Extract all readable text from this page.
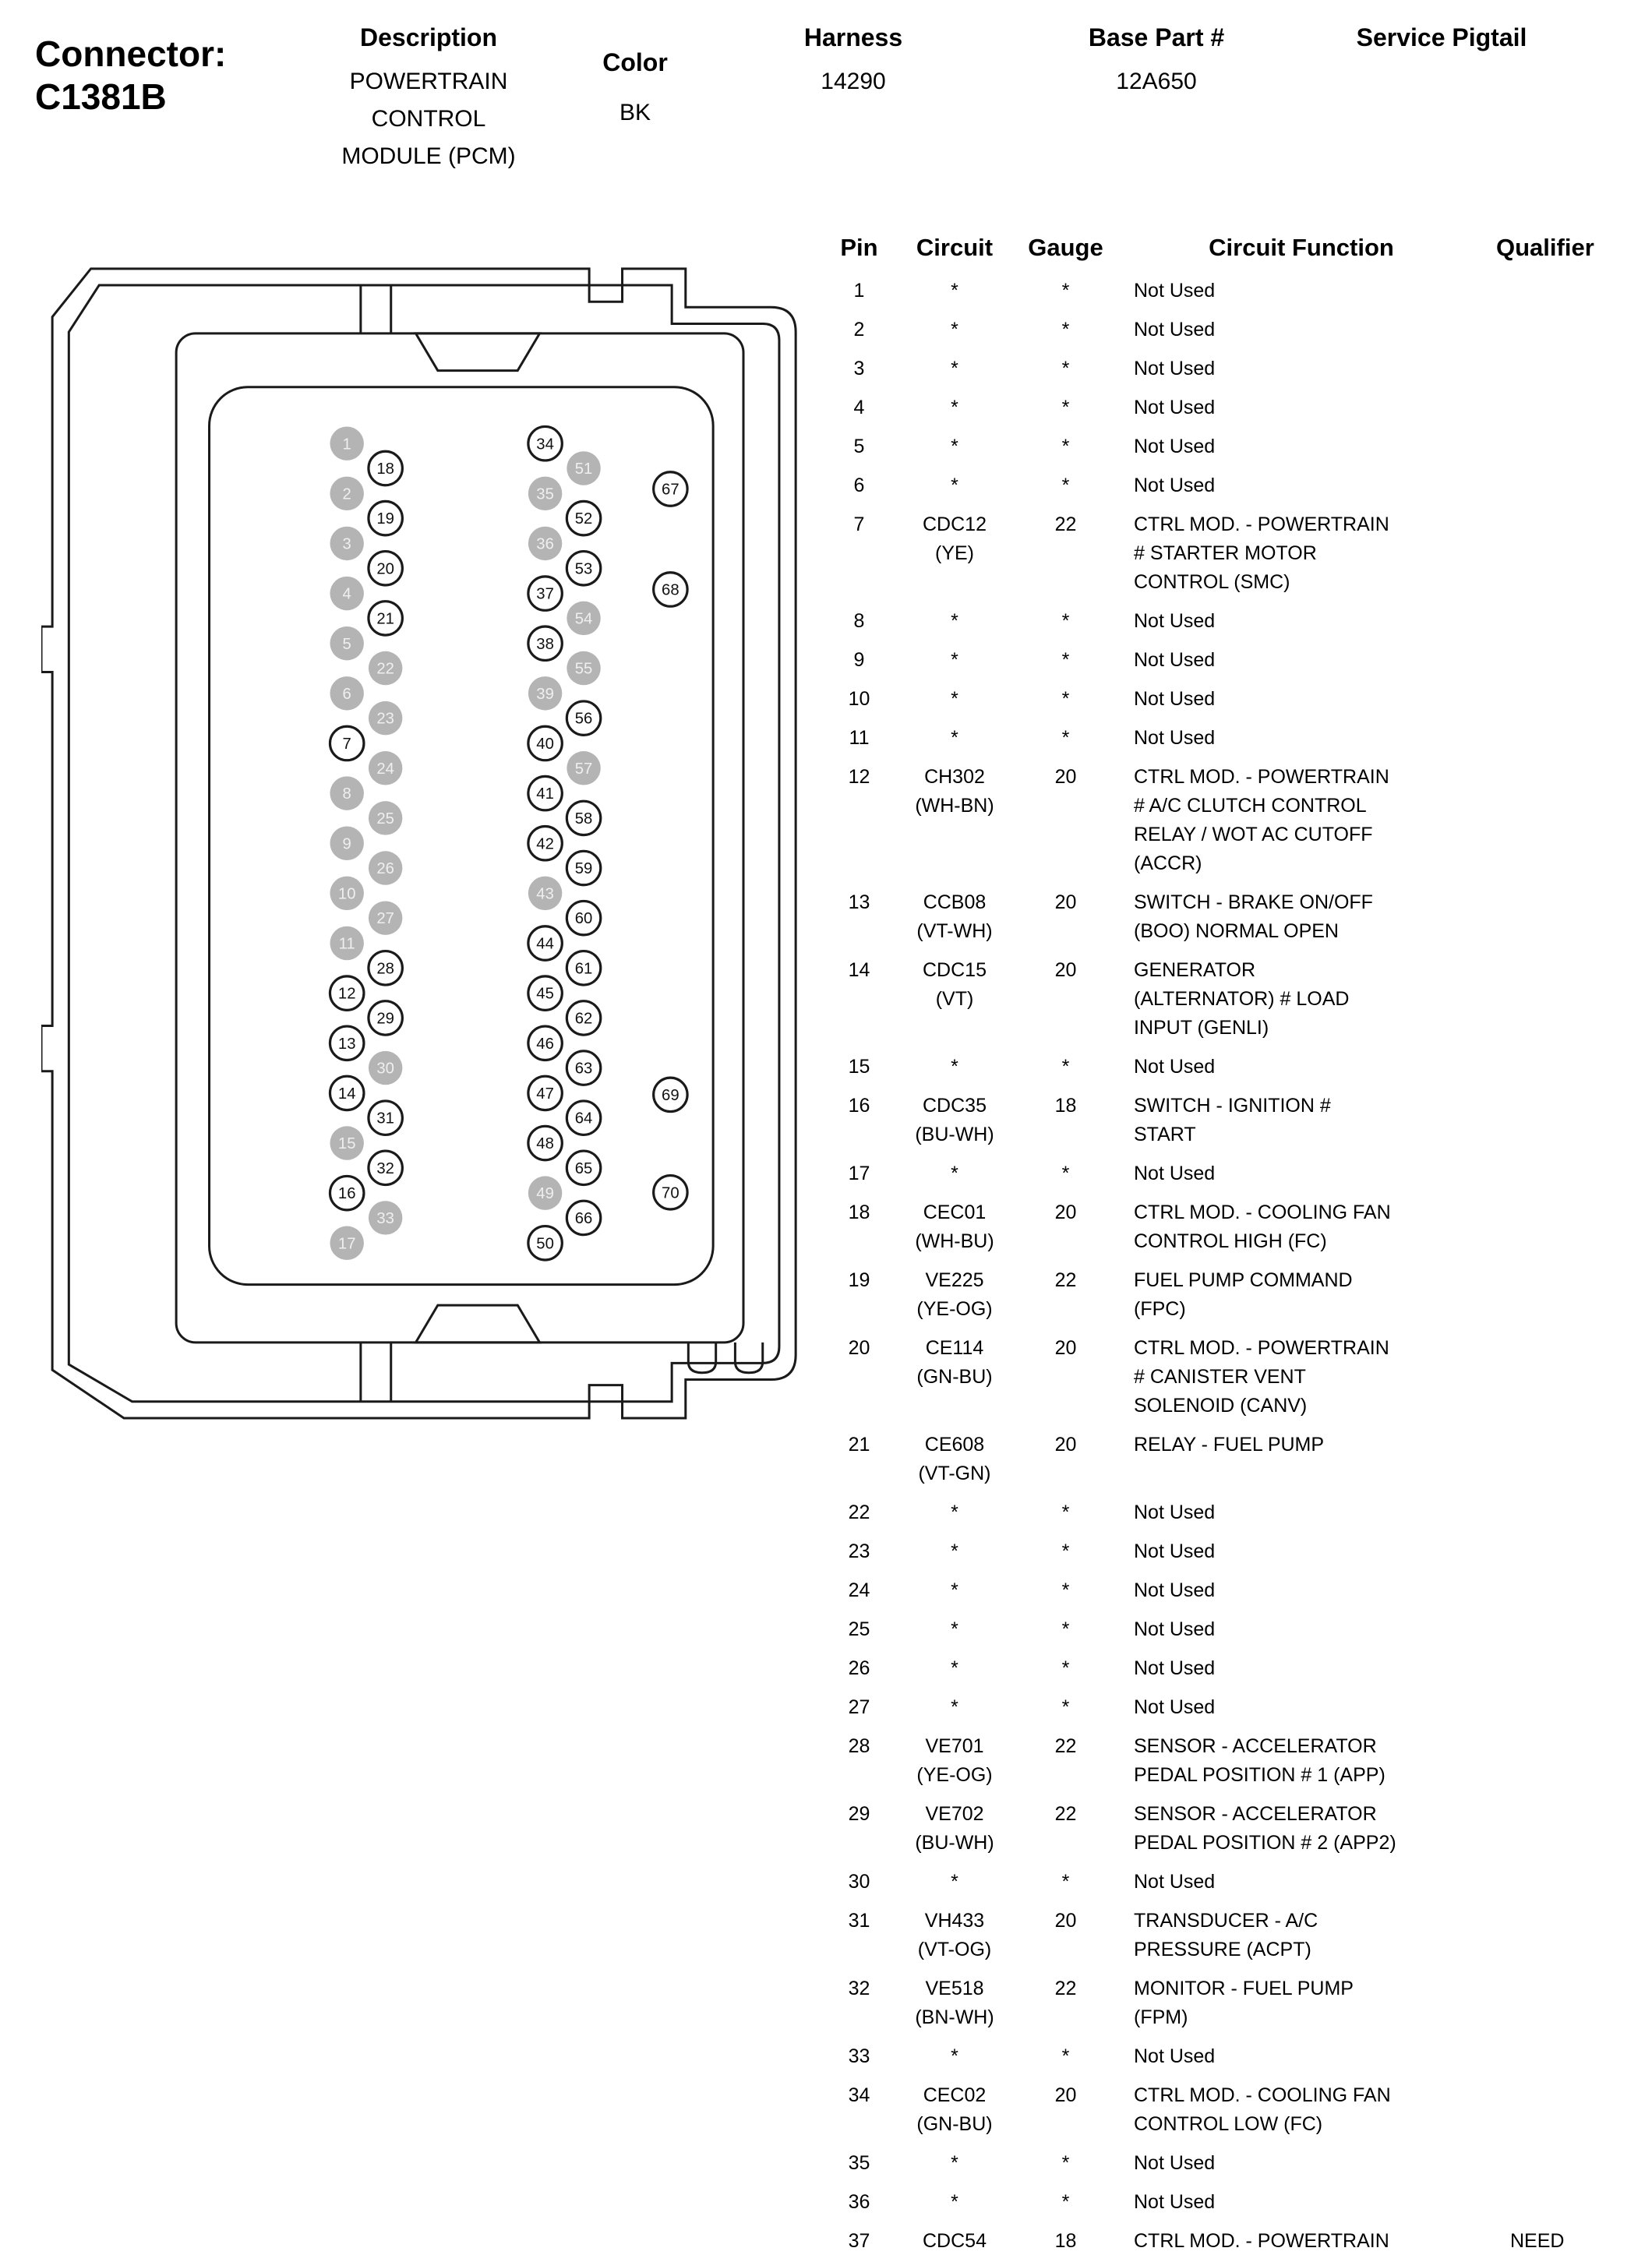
Connector:
C1381B
Description
POWERTRAIN
CONTROL
MODULE (PCM)
Color
BK
Harness
14290
Base Part #
12A650
Service Pigtail
1
2
3
4
5
6
7
8
9
10
11
12
13
14
15
16
17
18
19
20
21
22
23
24
25
26
27
28
29
30
31
32
33
34
35
36
37
38
39
40
41
42
43
44
45
46
47
48
49
50
51
52
53
54
55
56
57
58
59
60
61
62
63
64
65
66
67
68
69
70
Pin	Circuit	Gauge	Circuit Function	Qualifier
1	*	*	Not Used
2	*	*	Not Used
3	*	*	Not Used
4	*	*	Not Used
5	*	*	Not Used
6	*	*	Not Used
7	CDC12
(YE)
22	CTRL MOD. - POWERTRAIN
# STARTER MOTOR
CONTROL (SMC)
8	*	*	Not Used
9	*	*	Not Used
10	*	*	Not Used
11	*	*	Not Used
12	CH302
(WH-BN)
20	CTRL MOD. - POWERTRAIN
# A/C CLUTCH CONTROL
RELAY / WOT AC CUTOFF
(ACCR)
13	CCB08
(VT-WH)
20	SWITCH - BRAKE ON/OFF
(BOO) NORMAL OPEN
14	CDC15
(VT)
20	GENERATOR
(ALTERNATOR) # LOAD
INPUT (GENLI)
15	*	*	Not Used
16	CDC35
(BU-WH)
18	SWITCH - IGNITION #
START
17	*	*	Not Used
18	CEC01
(WH-BU)
20	CTRL MOD. - COOLING FAN
CONTROL HIGH (FC)
19	VE225
(YE-OG)
22	FUEL PUMP COMMAND
(FPC)
20	CE114
(GN-BU)
20	CTRL MOD. - POWERTRAIN
# CANISTER VENT
SOLENOID (CANV)
21	CE608
(VT-GN)
20	RELAY - FUEL PUMP
22	*	*	Not Used
23	*	*	Not Used
24	*	*	Not Used
25	*	*	Not Used
26	*	*	Not Used
27	*	*	Not Used
28	VE701
(YE-OG)
22	SENSOR - ACCELERATOR
PEDAL POSITION # 1 (APP)
29	VE702
(BU-WH)
22	SENSOR - ACCELERATOR
PEDAL POSITION # 2 (APP2)
30	*	*	Not Used
31	VH433
(VT-OG)
20	TRANSDUCER - A/C
PRESSURE (ACPT)
32	VE518
(BN-WH)
22	MONITOR - FUEL PUMP
(FPM)
33	*	*	Not Used
34	CEC02
(GN-BU)
20	CTRL MOD. - COOLING FAN
CONTROL LOW (FC)
35	*	*	Not Used
36	*	*	Not Used
37	CDC54	18	CTRL MOD. - POWERTRAIN	NEED
